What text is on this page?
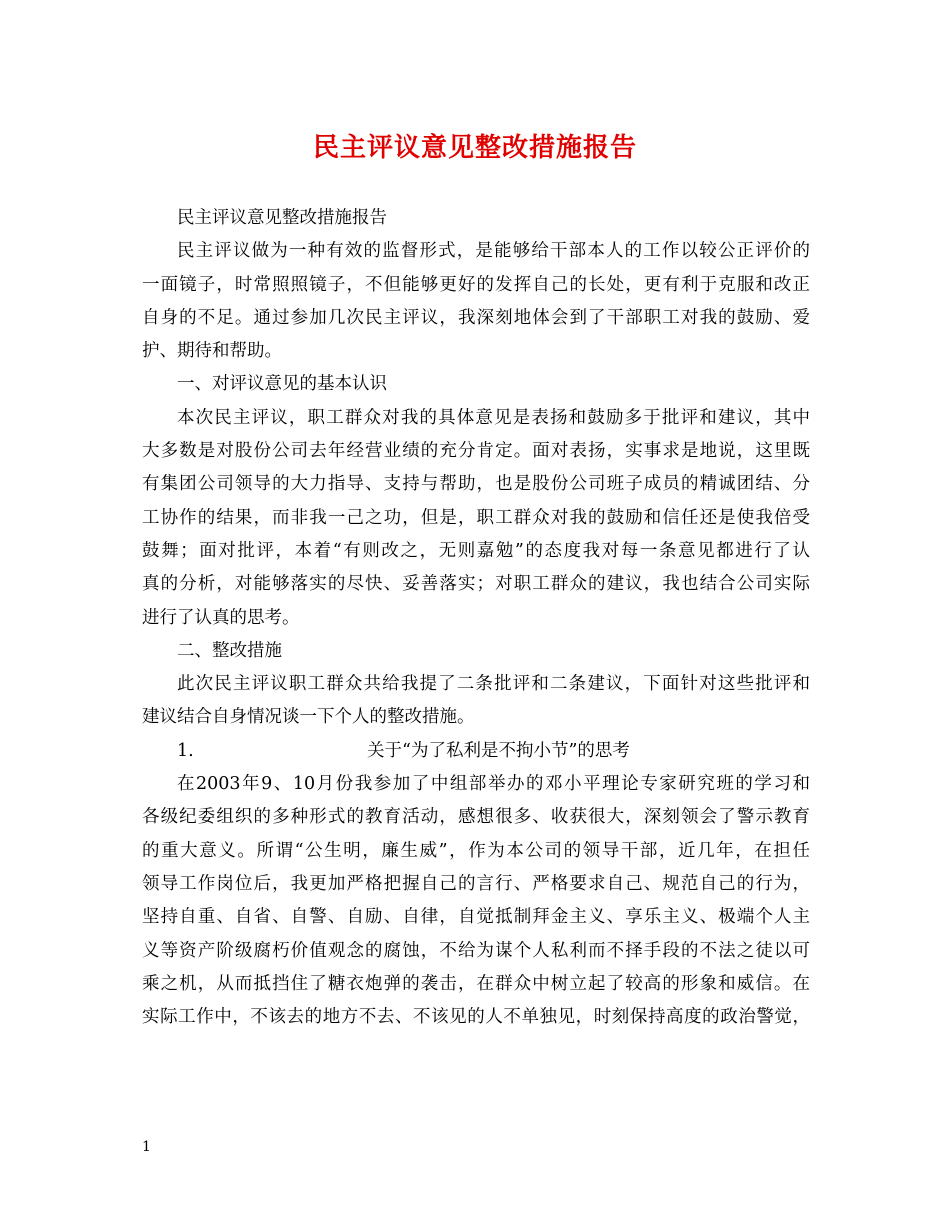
民主评议意见整改措施报告
民主评议意见整改措施报告
民主评议做为一种有效的监督形式，是能够给干部本人的工作以较公正评价的
一面镜子，时常照照镜子，不但能够更好的发挥自己的长处，更有利于克服和改正
自身的不足。通过参加几次民主评议，我深刻地体会到了干部职工对我的鼓励、爱
护、期待和帮助。
一、对评议意见的基本认识
本次民主评议，职工群众对我的具体意见是表扬和鼓励多于批评和建议，其中
大多数是对股份公司去年经营业绩的充分肯定。面对表扬，实事求是地说，这里既
有集团公司领导的大力指导、支持与帮助，也是股份公司班子成员的精诚团结、分
工协作的结果，而非我一己之功，但是，职工群众对我的鼓励和信任还是使我倍受
鼓舞；面对批评，本着“有则改之，无则嘉勉”的态度我对每一条意见都进行了认
真的分析，对能够落实的尽快、妥善落实；对职工群众的建议，我也结合公司实际
进行了认真的思考。
二、整改措施
此次民主评议职工群众共给我提了二条批评和二条建议，下面针对这些批评和
建议结合自身情况谈一下个人的整改措施。
1.	关于“为了私利是不拘小节”的思考
在2003年9、10月份我参加了中组部举办的邓小平理论专家研究班的学习和
各级纪委组织的多种形式的教育活动，感想很多、收获很大，深刻领会了警示教育
的重大意义。所谓“公生明，廉生威”，作为本公司的领导干部，近几年，在担任
领导工作岗位后，我更加严格把握自己的言行、严格要求自己、规范自己的行为，
坚持自重、自省、自警、自励、自律，自觉抵制拜金主义、享乐主义、极端个人主
义等资产阶级腐朽价值观念的腐蚀，不给为谋个人私利而不择手段的不法之徒以可
乘之机，从而抵挡住了糖衣炮弹的袭击，在群众中树立起了较高的形象和威信。在
实际工作中，不该去的地方不去、不该见的人不单独见，时刻保持高度的政治警觉，
1
